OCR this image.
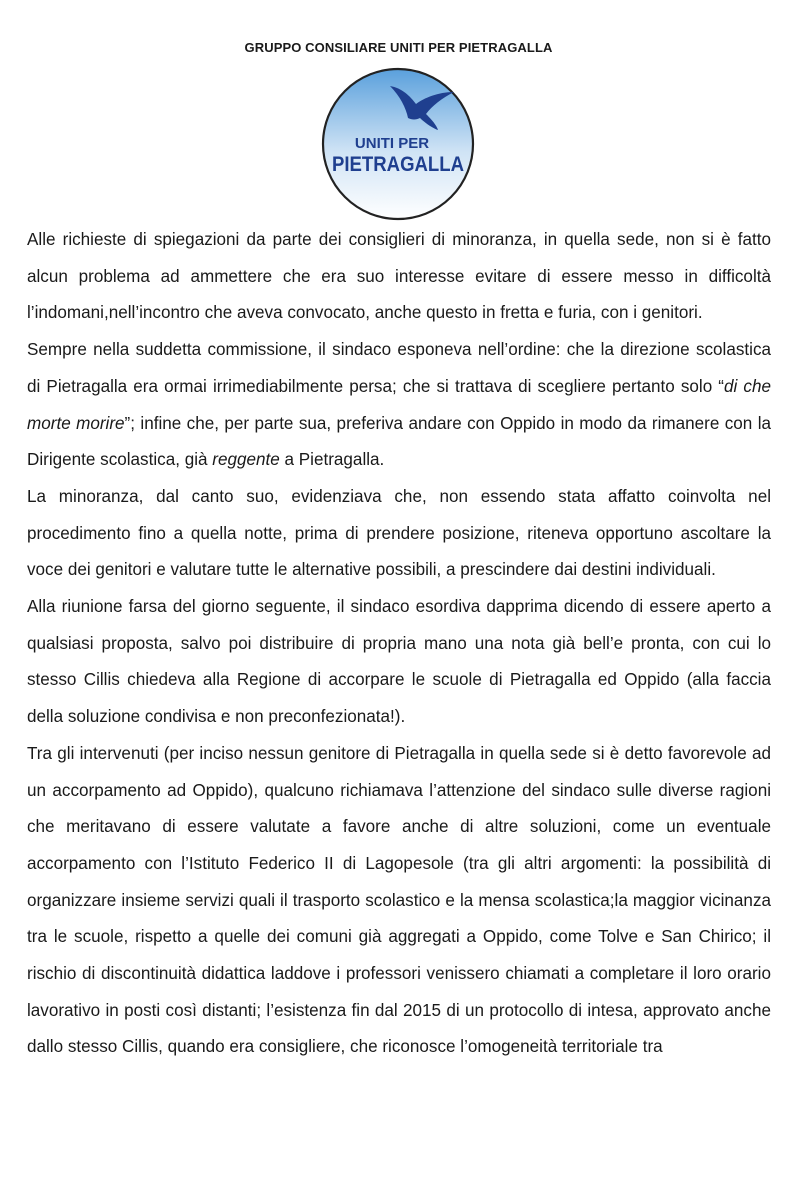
GRUPPO CONSILIARE UNITI PER PIETRAGALLA
UNITI PER
PIETRAGALLA

Alle richieste di spiegazioni da parte dei consiglieri di minoranza, in quella sede, non si è fatto alcun problema ad ammettere che era suo interesse evitare di essere messo in difficoltà l’indomani,nell’incontro che aveva convocato, anche questo in fretta e furia, con i genitori.

Sempre nella suddetta commissione, il sindaco esponeva nell’ordine: che la direzione scolastica di Pietragalla era ormai irrimediabilmente persa; che si trattava di scegliere pertanto solo “di che morte morire”; infine che, per parte sua, preferiva andare con Oppido in modo da rimanere con la Dirigente scolastica, già reggente a Pietragalla.

La minoranza, dal canto suo, evidenziava che, non essendo stata affatto coinvolta nel procedimento fino a quella notte, prima di prendere posizione, riteneva opportuno ascoltare la voce dei genitori e valutare tutte le alternative possibili, a prescindere dai destini individuali.

Alla riunione farsa del giorno seguente, il sindaco esordiva dapprima dicendo di essere aperto a qualsiasi proposta, salvo poi distribuire di propria mano una nota già bell’e pronta, con cui lo stesso Cillis chiedeva alla Regione di accorpare le scuole di Pietragalla ed Oppido (alla faccia della soluzione condivisa e non preconfezionata!).

Tra gli intervenuti (per inciso nessun genitore di Pietragalla in quella sede si è detto favorevole ad un accorpamento ad Oppido), qualcuno richiamava l’attenzione del sindaco sulle diverse ragioni che meritavano di essere valutate a favore anche di altre soluzioni, come un eventuale accorpamento con l’Istituto Federico II di Lagopesole (tra gli altri argomenti: la possibilità di organizzare insieme servizi quali il trasporto scolastico e la mensa scolastica;la maggior vicinanza tra le scuole, rispetto a quelle dei comuni già aggregati a Oppido, come Tolve e San Chirico; il rischio di discontinuità didattica laddove i professori venissero chiamati a completare il loro orario lavorativo in posti così distanti; l’esistenza fin dal 2015 di un protocollo di intesa, approvato anche dallo stesso Cillis, quando era consigliere, che riconosce l’omogeneità territoriale tra
